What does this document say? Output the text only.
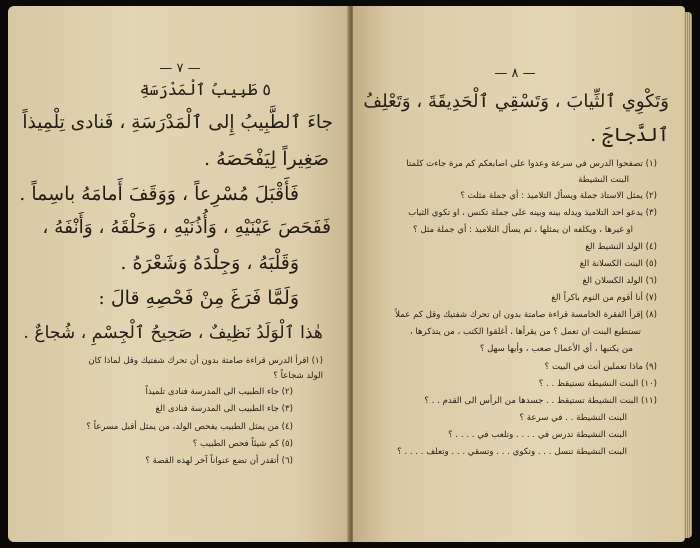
— ٧ —
٥ طَبِيبُ ٱلْمَدْرَسَةِ
جاءَ ٱلطَّبِيبُ إِلى ٱلْمَدْرَسَةِ ، فَنادى تِلْمِيذاً
صَغِيراً لِيَفْحَصَهُ .
فَأَقْبَلَ مُسْرِعاً ، وَوَقَفَ أَمامَهُ باسِماً .
فَفَحَصَ عَيْنَيْهِ ، وَأُذُنَيْهِ ، وَحَلْقَهُ ، وَأَنْفَهُ ،
وَقَلْبَهُ ، وَجِلْدَهُ وَشَعْرَهُ .
وَلَمَّا فَرَغَ مِنْ فَحْصِهِ قالَ :
هٰذا ٱلْوَلَدُ نَظِيفٌ ، صَحِيحُ ٱلْجِسْمِ ، شُجاعٌ .
(١) اقرأ الدرس قراءة صامتة بدون أن تحرك شفتيك وقل لماذا كان
الولد شجاعاً ؟
(٢) جاء الطبيب الى المدرسة فنادى تلميذاً
(٣) جاء الطبيب الى المدرسة فنادى الغ
(٤) من يمثل الطبيب يفحص الولد، من يمثل أقبل مسرعاً ؟
(٥) كم شيئاً فحص الطبيب ؟
(٦) أتقدر أن تضع عنواناً آخر لهذه القصة ؟
— ٨ —
وَتَكْوِي ٱلثِّيابَ ، وَتَسْقِي ٱلْحَدِيقَةَ ، وَتَعْلِفُ
ٱلدَّجاجَ .
(١) تصفحوا الدرس في سرعة وعدوا على اصابعكم كم مرة جاءت كلمتا
البنت النشيطة
(٢) يمثل الاستاذ جملة ويسأل التلاميذ : أي جملة مثلت ؟
(٣) يدعو احد التلاميذ ويدله بينه وبينه على جملة تكنس ، او تكوي الثياب
او غيرها ، ويكلفه ان يمثلها ، ثم يسأل التلاميذ : أي جملة مثل ؟
(٤) الولد النشيط الغ
(٥) البنت الكسلانة الغ
(٦) الولد الكسلان الغ
(٧) أنا أقوم من النوم باكراً الغ
(٨) إقرأ الفقرة الخامسة قراءة صامتة بدون ان تحرك شفتيك وقل كم عملاً
تستطيع البنت ان تعمل ؟ من يقرأها ، أغلقوا الكتب ، من يتذكرها ،
من يكتبها ، أي الأعمال صعب ، وأيها سهل ؟
(٩) ماذا تعملين أنت في البيت ؟
(١٠) البنت النشيطة تستيقظ . . ؟
(١١) البنت النشيطة تستيقظ . . جسدها من الرأس الى القدم . . ؟
البنت النشيطة . . في سرعة ؟
البنت النشيطة تدرس في . . . . وتلعب في . . . . ؟
البنت النشيطة تنسل . . . وتكوي . . . وتسقي . . . وتعلف . . . . ؟
